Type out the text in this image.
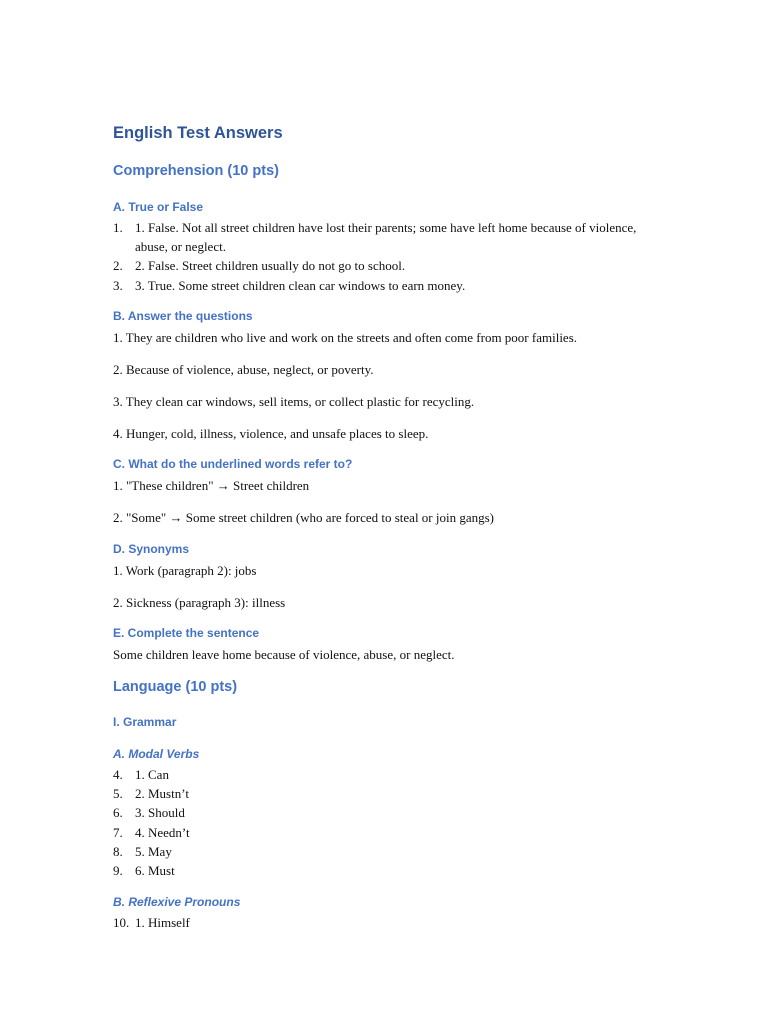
English Test Answers
Comprehension (10 pts)
A. True or False
1. 1. False. Not all street children have lost their parents; some have left home because of violence, abuse, or neglect.
2. 2. False. Street children usually do not go to school.
3. 3. True. Some street children clean car windows to earn money.
B. Answer the questions
1. They are children who live and work on the streets and often come from poor families.
2. Because of violence, abuse, neglect, or poverty.
3. They clean car windows, sell items, or collect plastic for recycling.
4. Hunger, cold, illness, violence, and unsafe places to sleep.
C. What do the underlined words refer to?
1. "These children" → Street children
2. "Some" → Some street children (who are forced to steal or join gangs)
D. Synonyms
1. Work (paragraph 2): jobs
2. Sickness (paragraph 3): illness
E. Complete the sentence
Some children leave home because of violence, abuse, or neglect.
Language (10 pts)
I. Grammar
A. Modal Verbs
4. 1. Can
5. 2. Mustn’t
6. 3. Should
7. 4. Needn’t
8. 5. May
9. 6. Must
B. Reflexive Pronouns
10. 1. Himself
